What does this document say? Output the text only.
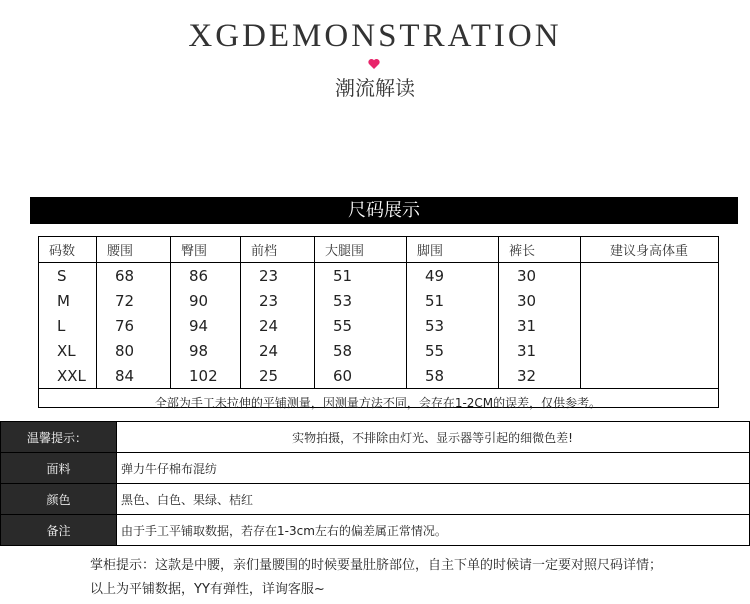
XGDEMONSTRATION
潮流解读
尺码展示
码数	腰围	臀围	前档	大腿围	脚围	裤长	建议身高体重
S	68	86	23	51	49	30	
M	72	90	23	53	51	30	
L	76	94	24	55	53	31	
XL	80	98	24	58	55	31	
XXL	84	102	25	60	58	32	
全部为手工未拉伸的平铺测量，因测量方法不同，会存在1-2CM的误差，仅供参考。							
温馨提示：	实物拍摄，不排除由灯光、显示器等引起的细微色差!
面料	弹力牛仔棉布混纺
颜色	黑色、白色、果绿、桔红
备注	由于手工平铺取数据，若存在1-3cm左右的偏差属正常情况。
掌柜提示：这款是中腰，亲们量腰围的时候要量肚脐部位，自主下单的时候请一定要对照尺码详情；
以上为平铺数据，YY有弹性，详询客服~
